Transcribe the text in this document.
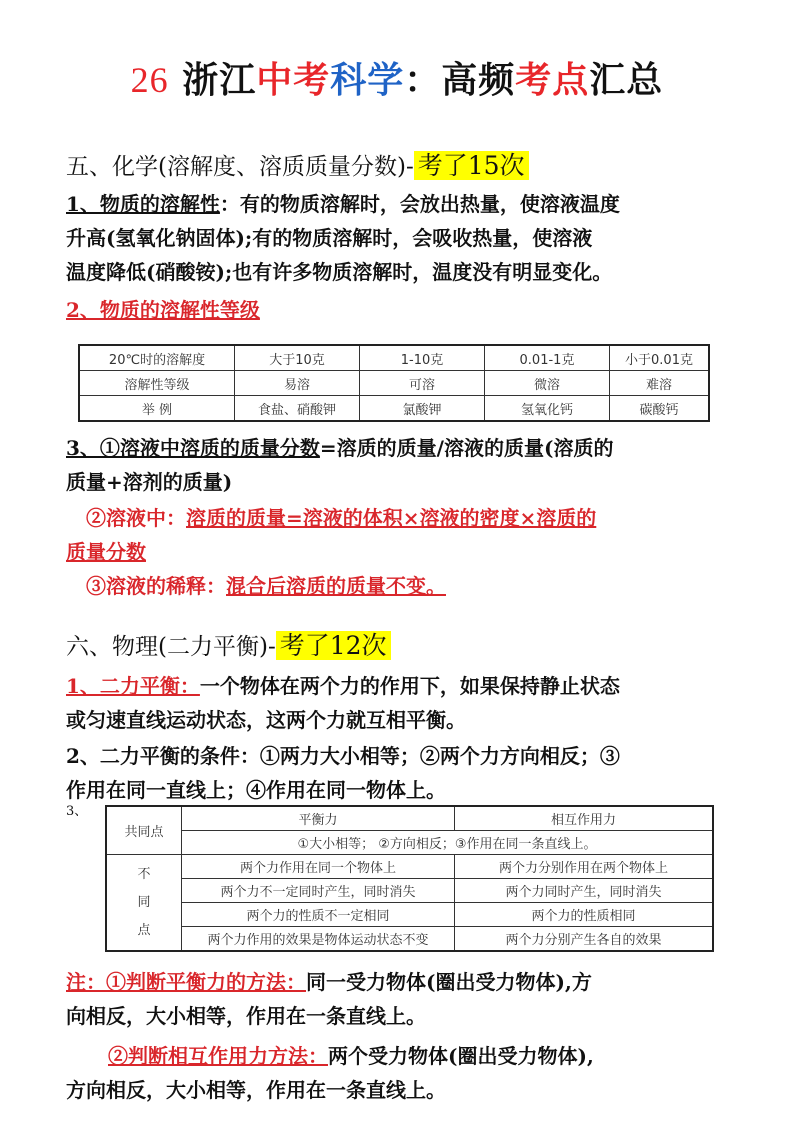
26 浙江中考科学：高频考点汇总
五、化学(溶解度、溶质质量分数)- 考了15次
1、物质的溶解性：有的物质溶解时，会放出热量，使溶液温度
升高(氢氧化钠固体);有的物质溶解时，会吸收热量，使溶液
温度降低(硝酸铵);也有许多物质溶解时，温度没有明显变化。
2、物质的溶解性等级
20℃时的溶解度	大于10克	1-10克	0.01-1克	小于0.01克
溶解性等级	易溶	可溶	微溶	难溶
举 例	食盐、硝酸钾	氯酸钾	氢氧化钙	碳酸钙
3、①溶液中溶质的质量分数=溶质的质量/溶液的质量(溶质的
质量+溶剂的质量)
②溶液中：溶质的质量=溶液的体积×溶液的密度×溶质的
质量分数
③溶液的稀释：混合后溶质的质量不变。
六、物理(二力平衡)- 考了12次
1、二力平衡：一个物体在两个力的作用下，如果保持静止状态
或匀速直线运动状态，这两个力就互相平衡。
2、二力平衡的条件：①两力大小相等；②两个力方向相反；③
作用在同一直线上；④作用在同一物体上。
3、
共同点	平衡力	相互作用力
	①大小相等； ②方向相反；③作用在同一条直线上。	
不
同
点	两个力作用在同一个物体上	两个力分别作用在两个物体上
	两个力不一定同时产生，同时消失	两个力同时产生，同时消失
	两个力的性质不一定相同	两个力的性质相同
	两个力作用的效果是物体运动状态不变	两个力分别产生各自的效果
注：①判断平衡力的方法：同一受力物体(圈出受力物体),方
向相反，大小相等，作用在一条直线上。
②判断相互作用力方法：两个受力物体(圈出受力物体),
方向相反，大小相等，作用在一条直线上。
